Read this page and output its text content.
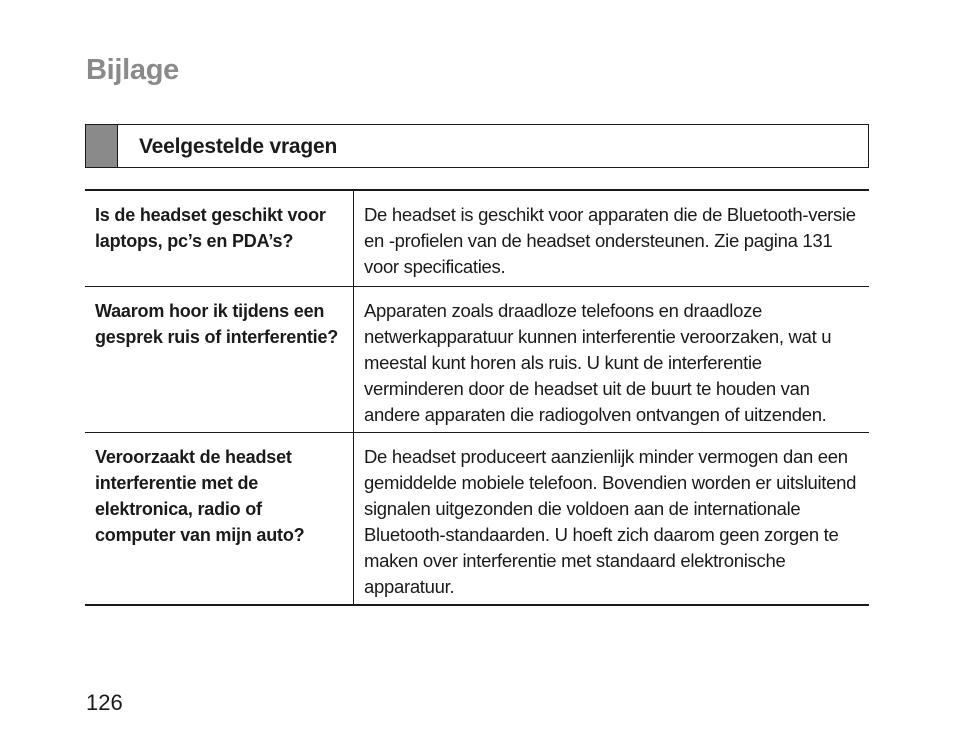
Bijlage
Veelgestelde vragen
Is de headset geschikt voor laptops, pc’s en PDA’s?	De headset is geschikt voor apparaten die de Bluetooth-versie en -profielen van de headset ondersteunen. Zie pagina 131 voor specificaties.
Waarom hoor ik tijdens een gesprek ruis of interferentie?	Apparaten zoals draadloze telefoons en draadloze netwerkapparatuur kunnen interferentie veroorzaken, wat u meestal kunt horen als ruis. U kunt de interferentie verminderen door de headset uit de buurt te houden van andere apparaten die radiogolven ontvangen of uitzenden.
Veroorzaakt de headset interferentie met de elektronica, radio of computer van mijn auto?	De headset produceert aanzienlijk minder vermogen dan een gemiddelde mobiele telefoon. Bovendien worden er uitsluitend signalen uitgezonden die voldoen aan de internationale Bluetooth-standaarden. U hoeft zich daarom geen zorgen te maken over interferentie met standaard elektronische apparatuur.
126
